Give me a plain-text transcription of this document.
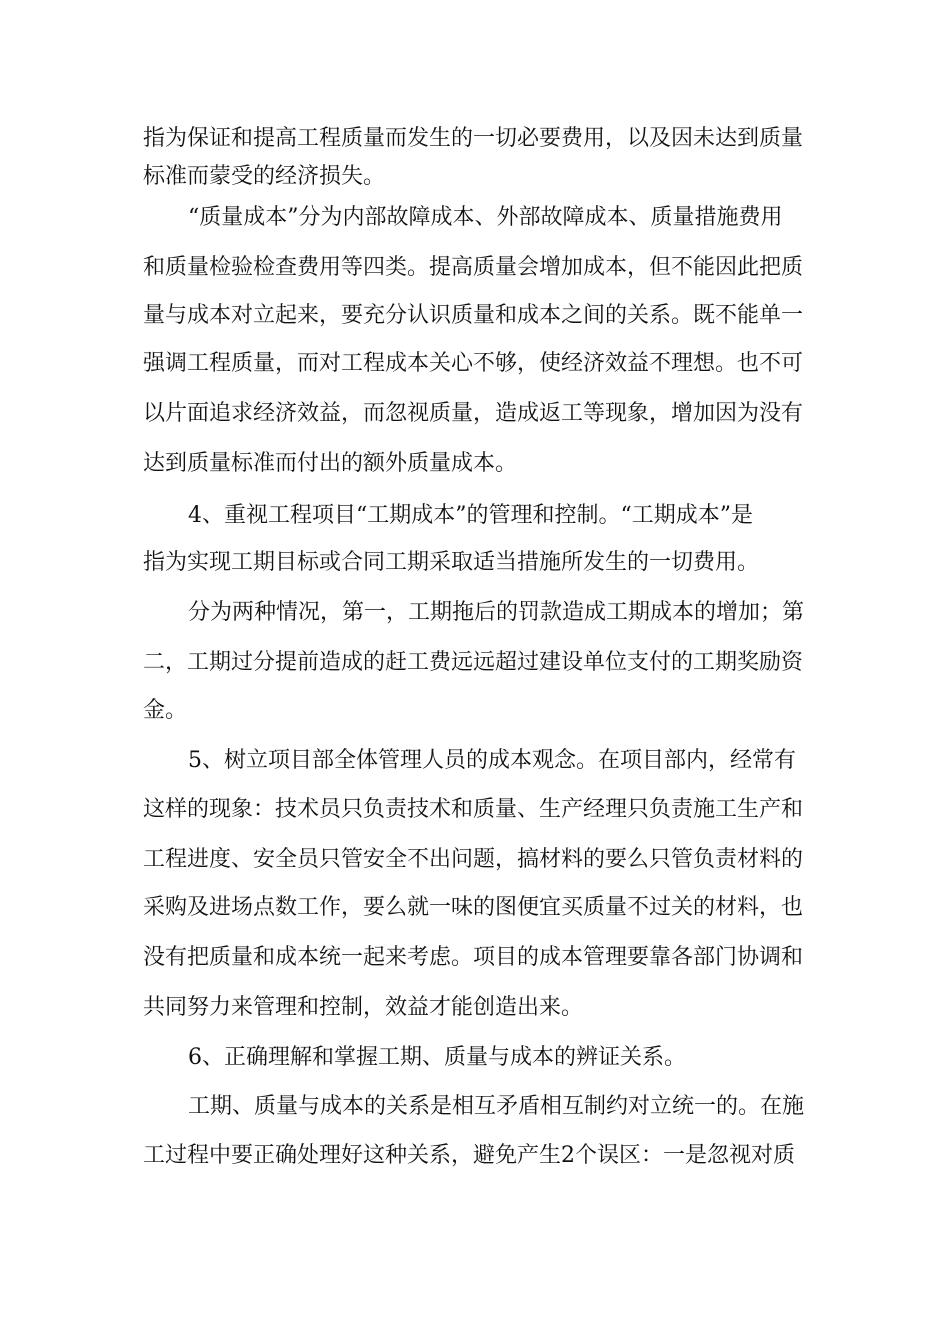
指为保证和提高工程质量而发生的一切必要费用，以及因未达到质量

标准而蒙受的经济损失。

“质量成本”分为内部故障成本、外部故障成本、质量措施费用

和质量检验检查费用等四类。提高质量会增加成本，但不能因此把质

量与成本对立起来，要充分认识质量和成本之间的关系。既不能单一

强调工程质量，而对工程成本关心不够，使经济效益不理想。也不可

以片面追求经济效益，而忽视质量，造成返工等现象，增加因为没有

达到质量标准而付出的额外质量成本。

4、重视工程项目“工期成本”的管理和控制。“工期成本”是

指为实现工期目标或合同工期采取适当措施所发生的一切费用。

分为两种情况，第一，工期拖后的罚款造成工期成本的增加；第

二，工期过分提前造成的赶工费远远超过建设单位支付的工期奖励资

金。

5、树立项目部全体管理人员的成本观念。在项目部内，经常有

这样的现象：技术员只负责技术和质量、生产经理只负责施工生产和

工程进度、安全员只管安全不出问题，搞材料的要么只管负责材料的

采购及进场点数工作，要么就一味的图便宜买质量不过关的材料，也

没有把质量和成本统一起来考虑。项目的成本管理要靠各部门协调和

共同努力来管理和控制，效益才能创造出来。

6、正确理解和掌握工期、质量与成本的辨证关系。

工期、质量与成本的关系是相互矛盾相互制约对立统一的。在施

工过程中要正确处理好这种关系，避免产生2个误区：一是忽视对质
